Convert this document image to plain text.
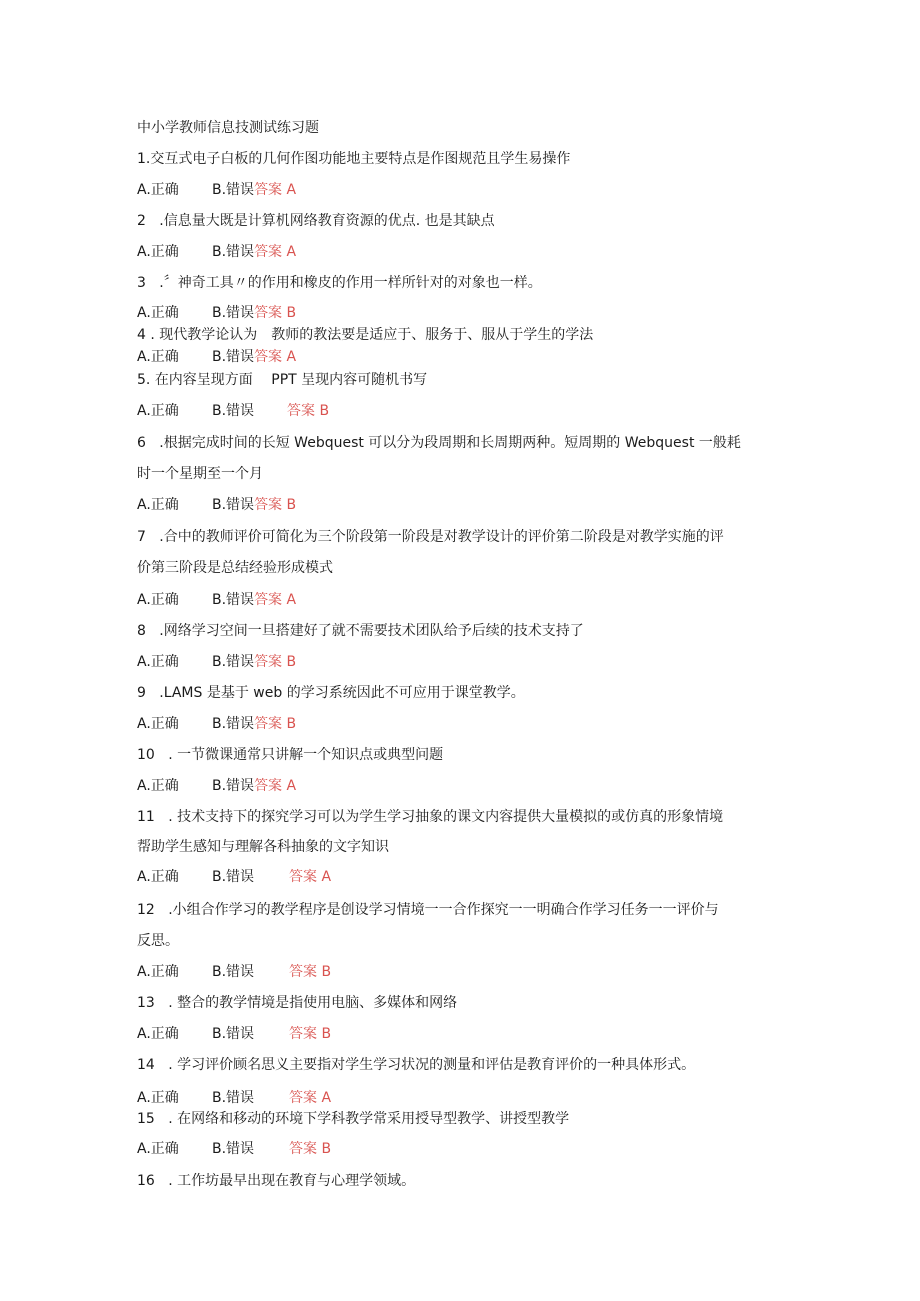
中小学教师信息技测试练习题
1.交互式电子白板的几何作图功能地主要特点是作图规范且学生易操作
A.正确 B.错误答案 A
2 .信息量大既是计算机网络教育资源的优点. 也是其缺点
A.正确 B.错误答案 A
3 .〞神奇工具〃的作用和橡皮的作用一样所针对的对象也一样。
A.正确 B.错误答案 B
4 . 现代教学论认为　教师的教法要是适应于、服务于、服从于学生的学法
A.正确 B.错误答案 A
5. 在内容呈现方面　 PPT 呈现内容可随机书写
A.正确 B.错误 答案 B
6 .根据完成时间的长短 Webquest 可以分为段周期和长周期两种。短周期的 Webquest 一般耗
时一个星期至一个月
A.正确 B.错误答案 B
7 .合中的教师评价可简化为三个阶段第一阶段是对教学设计的评价第二阶段是对教学实施的评
价第三阶段是总结经验形成模式
A.正确 B.错误答案 A
8 .网络学习空间一旦搭建好了就不需要技术团队给予后续的技术支持了
A.正确 B.错误答案 B
9 .LAMS 是基于 web 的学习系统因此不可应用于课堂教学。
A.正确 B.错误答案 B
10 . 一节微课通常只讲解一个知识点或典型问题
A.正确 B.错误答案 A
11 . 技术支持下的探究学习可以为学生学习抽象的课文内容提供大量模拟的或仿真的形象情境
帮助学生感知与理解各科抽象的文字知识
A.正确 B.错误 答案 A
12 .小组合作学习的教学程序是创设学习情境一一合作探究一一明确合作学习任务一一评价与
反思。
A.正确 B.错误 答案 B
13 . 整合的教学情境是指使用电脑、多媒体和网络
A.正确 B.错误 答案 B
14 . 学习评价顾名思义主要指对学生学习状况的测量和评估是教育评价的一种具体形式。
A.正确 B.错误 答案 A
15 . 在网络和移动的环境下学科教学常采用授导型教学、讲授型教学
A.正确 B.错误 答案 B
16 . 工作坊最早出现在教育与心理学领域。
